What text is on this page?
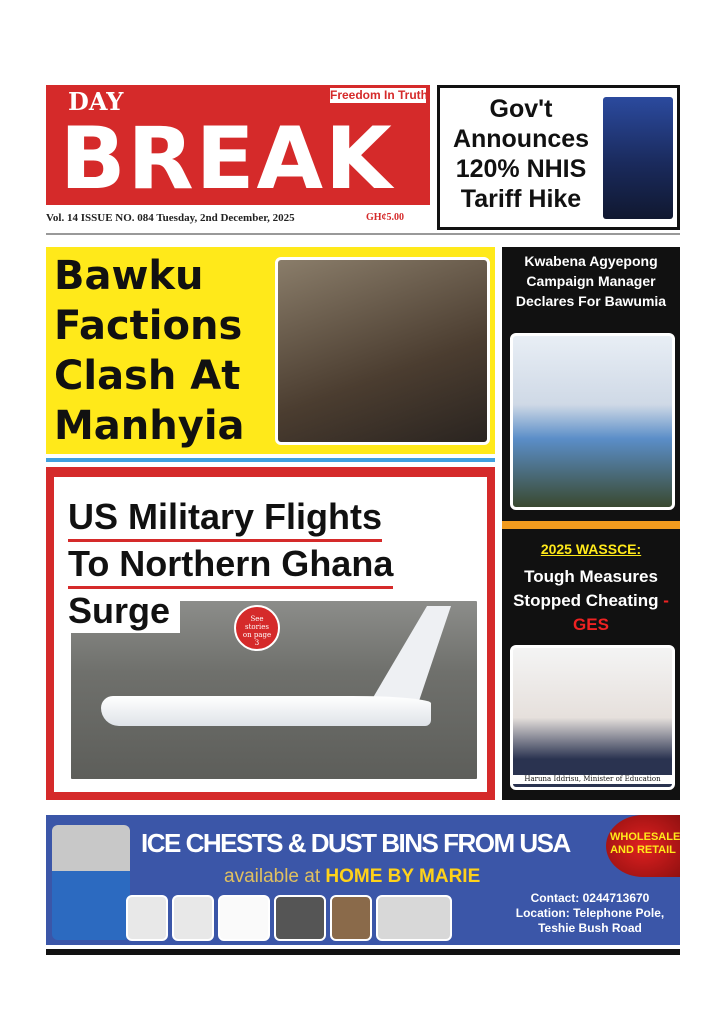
Freedom In Truth
DAY
BREAK
Vol. 14 ISSUE NO. 084 Tuesday, 2nd December, 2025	GH¢5.00
Gov't Announces 120% NHIS Tariff Hike
Bawku Factions Clash At Manhyia
Kwabena Agyepong Campaign Manager Declares For Bawumia
2025 WASSCE:
Tough Measures Stopped Cheating -GES
Haruna Iddrisu, Minister of Education
US Military Flights
To Northern Ghana
Surge	See stories on page 3
ICE CHESTS & DUST BINS FROM USA
available at HOME BY MARIE
WHOLESALE AND RETAIL
Contact: 0244713670
Location: Telephone Pole, Teshie Bush Road
